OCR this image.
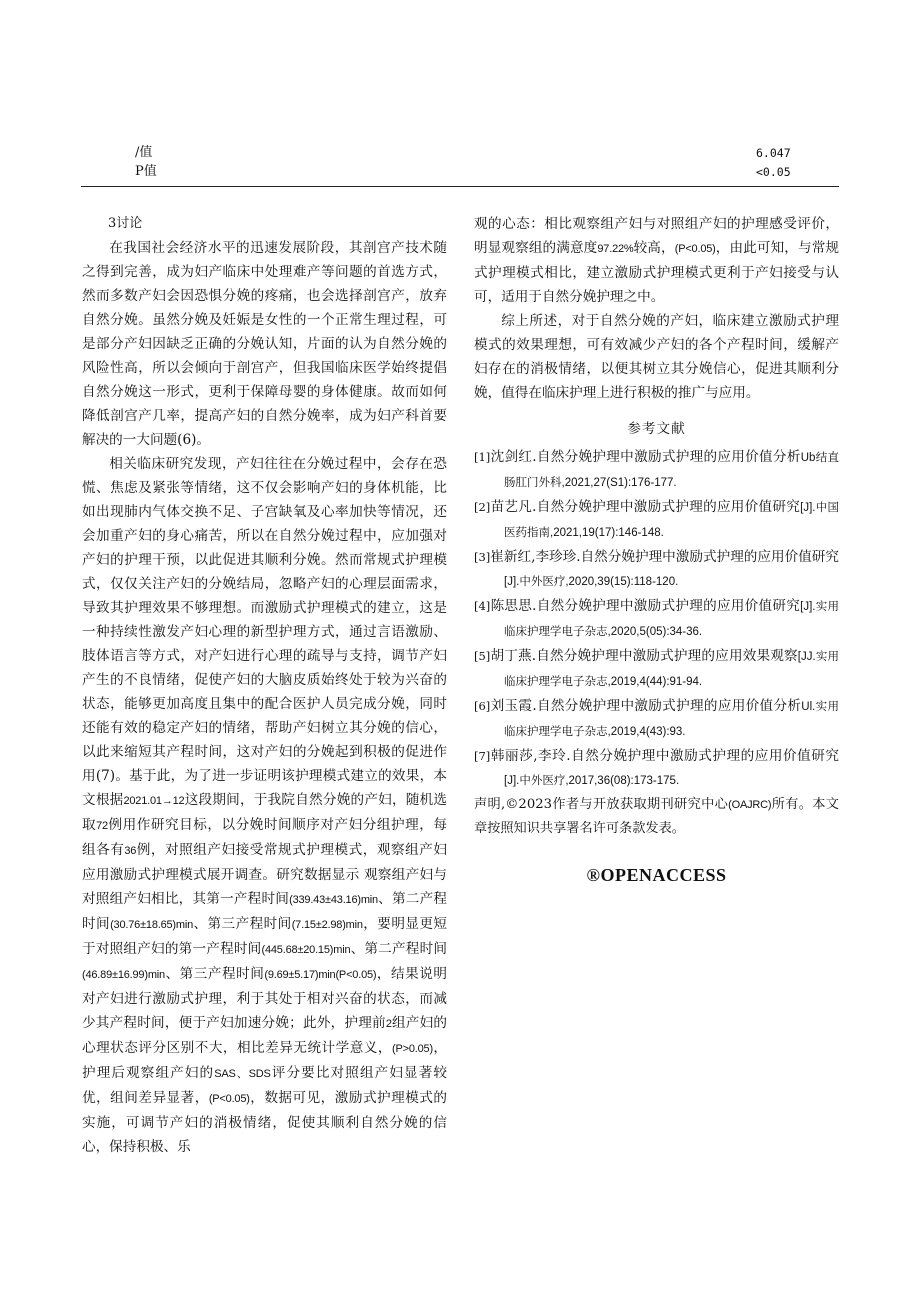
/值	6.047
P值	<0.05

3讨论

在我国社会经济水平的迅速发展阶段，其剖宫产技术随之得到完善，成为妇产临床中处理难产等问题的首选方式，然而多数产妇会因恐惧分娩的疼痛，也会选择剖宫产，放弃自然分娩。虽然分娩及妊娠是女性的一个正常生理过程，可是部分产妇因缺乏正确的分娩认知，片面的认为自然分娩的风险性高，所以会倾向于剖宫产，但我国临床医学始终提倡自然分娩这一形式，更利于保障母婴的身体健康。故而如何降低剖宫产几率，提高产妇的自然分娩率，成为妇产科首要解决的一大问题(6)。

相关临床研究发现，产妇往往在分娩过程中，会存在恐慌、焦虑及紧张等情绪，这不仅会影响产妇的身体机能，比如出现肺内气体交换不足、子宫缺氧及心率加快等情况，还会加重产妇的身心痛苦，所以在自然分娩过程中，应加强对产妇的护理干预，以此促进其顺利分娩。然而常规式护理模式，仅仅关注产妇的分娩结局，忽略产妇的心理层面需求，导致其护理效果不够理想。而激励式护理模式的建立，这是一种持续性激发产妇心理的新型护理方式，通过言语激励、肢体语言等方式，对产妇进行心理的疏导与支持，调节产妇产生的不良情绪，促使产妇的大脑皮质始终处于较为兴奋的状态，能够更加高度且集中的配合医护人员完成分娩，同时还能有效的稳定产妇的情绪，帮助产妇树立其分娩的信心，以此来缩短其产程时间，这对产妇的分娩起到积极的促进作用(7)。基于此，为了进一步证明该护理模式建立的效果，本文根据2021.01→12这段期间，于我院自然分娩的产妇，随机选取72例用作研究目标，以分娩时间顺序对产妇分组护理，每组各有36例，对照组产妇接受常规式护理模式，观察组产妇应用激励式护理模式展开调查。研究数据显示 观察组产妇与对照组产妇相比，其第一产程时间(339.43±43.16)min、第二产程时间(30.76±18.65)min、第三产程时间(7.15±2.98)min，要明显更短于对照组产妇的第一产程时间(445.68±20.15)min、第二产程时间(46.89±16.99)min、第三产程时间(9.69±5.17)min(P<0.05)，结果说明对产妇进行激励式护理，利于其处于相对兴奋的状态，而减少其产程时间，便于产妇加速分娩；此外，护理前2组产妇的心理状态评分区别不大，相比差异无统计学意义，(P>0.05)，护理后观察组产妇的SAS、SDS评分要比对照组产妇显著较优，组间差异显著，(P<0.05)，数据可见，激励式护理模式的实施，可调节产妇的消极情绪，促使其顺利自然分娩的信心，保持积极、乐

观的心态：相比观察组产妇与对照组产妇的护理感受评价，明显观察组的满意度97.22%较高，(P<0.05)，由此可知，与常规式护理模式相比，建立激励式护理模式更利于产妇接受与认可，适用于自然分娩护理之中。

综上所述，对于自然分娩的产妇，临床建立激励式护理模式的效果理想，可有效减少产妇的各个产程时间，缓解产妇存在的消极情绪，以便其树立其分娩信心，促进其顺利分娩，值得在临床护理上进行积极的推广与应用。

参考文献

[1]沈剑红.自然分娩护理中激励式护理的应用价值分析Ub结直肠肛门外科,2021,27(S1):176-177.

[2]苗艺凡.自然分娩护理中激励式护理的应用价值研究[J].中国医药指南,2021,19(17):146-148.

[3]崔新红,李珍珍.自然分娩护理中激励式护理的应用价值研究[J].中外医疗,2020,39(15):118-120.

[4]陈思思.自然分娩护理中激励式护理的应用价值研究[J].实用临床护理学电子杂志,2020,5(05):34-36.

[5]胡丁燕.自然分娩护理中激励式护理的应用效果观察[JJ.实用临床护理学电子杂志,2019,4(44):91-94.

[6]刘玉霞.自然分娩护理中激励式护理的应用价值分析Ul.实用临床护理学电子杂志,2019,4(43):93.

[7]韩丽莎,李玲.自然分娩护理中激励式护理的应用价值研究[J].中外医疗,2017,36(08):173-175.

声明,©2023作者与开放获取期刊研究中心(OAJRC)所有。本文章按照知识共享署名许可条款发表。

®OPENACCESS
